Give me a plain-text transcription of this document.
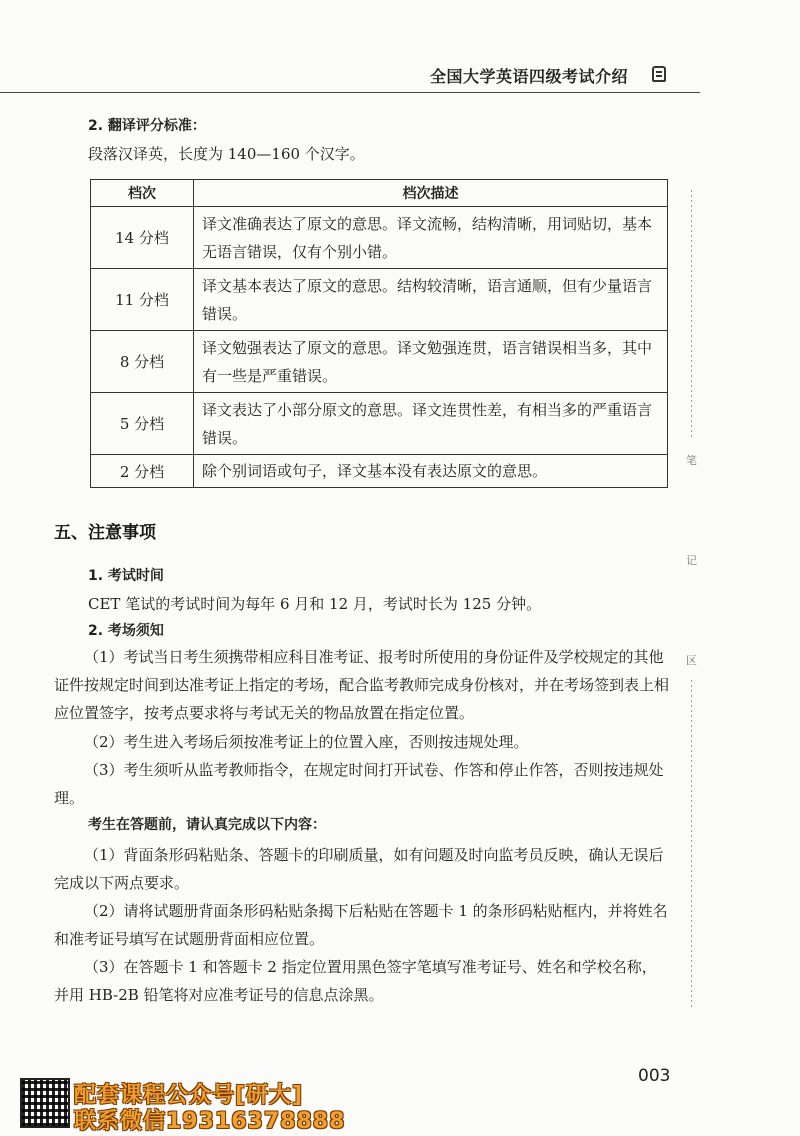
全国大学英语四级考试介绍
2. 翻译评分标准：
段落汉译英，长度为 140—160 个汉字。
档次	档次描述
14 分档	译文准确表达了原文的意思。译文流畅，结构清晰，用词贴切，基本无语言错误，仅有个别小错。
11 分档	译文基本表达了原文的意思。结构较清晰，语言通顺，但有少量语言错误。
8 分档	译文勉强表达了原文的意思。译文勉强连贯，语言错误相当多，其中有一些是严重错误。
5 分档	译文表达了小部分原文的意思。译文连贯性差，有相当多的严重语言错误。
2 分档	除个别词语或句子，译文基本没有表达原文的意思。
五、注意事项
1. 考试时间
CET 笔试的考试时间为每年 6 月和 12 月，考试时长为 125 分钟。
2. 考场须知
（1）考试当日考生须携带相应科目准考证、报考时所使用的身份证件及学校规定的其他证件按规定时间到达准考证上指定的考场，配合监考教师完成身份核对，并在考场签到表上相应位置签字，按考点要求将与考试无关的物品放置在指定位置。
（2）考生进入考场后须按准考证上的位置入座，否则按违规处理。
（3）考生须听从监考教师指令，在规定时间打开试卷、作答和停止作答，否则按违规处理。
考生在答题前，请认真完成以下内容：
（1）背面条形码粘贴条、答题卡的印刷质量，如有问题及时向监考员反映，确认无误后完成以下两点要求。
（2）请将试题册背面条形码粘贴条揭下后粘贴在答题卡 1 的条形码粘贴框内，并将姓名和准考证号填写在试题册背面相应位置。
（3）在答题卡 1 和答题卡 2 指定位置用黑色签字笔填写准考证号、姓名和学校名称，并用 HB-2B 铅笔将对应准考证号的信息点涂黑。
笔
记
区
003
配套课程公众号[研大]
联系微信19316378888
